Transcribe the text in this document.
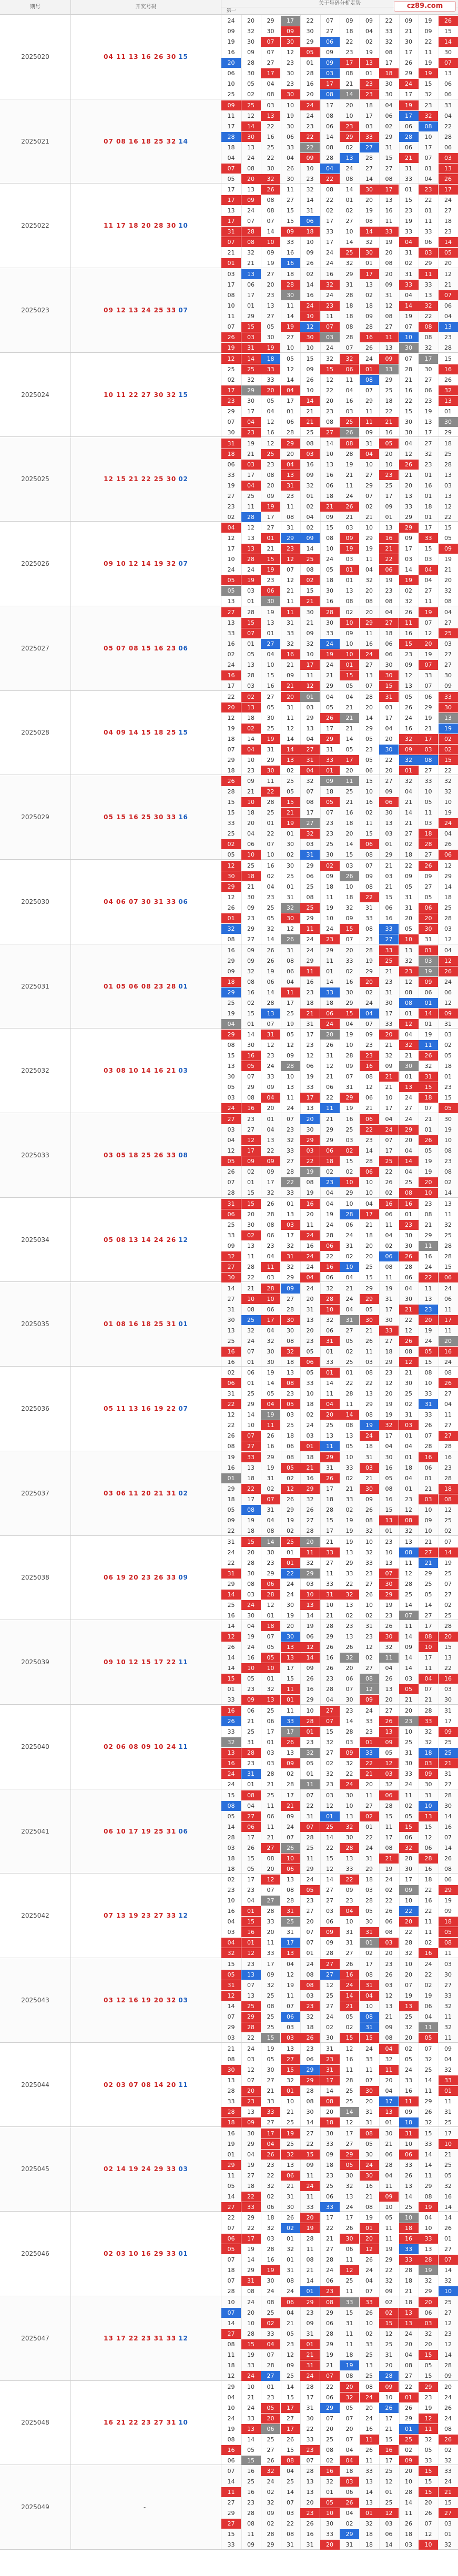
cz89.com
期号	开奖号码
关于号码分析走势
第一
2025020	04 11 13 16 26 30 15
24	20	29	17	22	07	09	09	22	09	19	26
09	32	30	09	30	27	18	04	33	21	09	15
19	30	07	30	29	06	22	02	32	30	22	14
16	09	07	12	05	09	23	19	08	17	11	30
20	28	27	23	01	09	17	13	17	26	19	07
06	30	17	30	28	03	08	01	18	29	19	13
10	05	04	23	16	17	21	23	30	24	15	06
25	02	08	30	20	08	14	23	30	17	32	06
2025021	07 08 16 18 25 32 14
09	25	03	10	24	17	20	18	04	19	23	33
11	12	13	19	24	08	10	17	06	17	32	04
17	14	22	30	23	06	23	03	02	06	08	22
28	30	16	06	22	14	29	33	29	28	10	28
18	13	25	33	22	08	02	27	31	06	17	06
04	24	22	04	09	28	13	28	15	21	07	03
07	08	30	26	10	04	24	27	27	31	01	13
05	20	32	30	23	22	08	14	08	33	04	26
2025022	11 17 18 20 28 30 10
17	13	26	11	32	08	14	30	17	01	23	17
17	09	08	27	14	22	01	20	13	15	22	24
13	24	08	15	31	02	02	19	16	23	01	27
17	07	07	15	06	17	27	08	11	19	11	18
31	28	14	09	18	33	10	14	33	33	33	23
07	08	10	33	10	17	14	32	19	04	06	14
21	32	09	16	09	24	25	30	20	31	03	05
01	21	19	16	26	24	32	01	08	02	29	20
2025023	09 12 13 24 25 33 07
03	13	27	18	02	16	29	17	20	31	11	12
17	06	20	28	14	32	31	13	09	33	33	21
08	17	23	30	16	24	28	02	31	04	13	07
10	01	13	11	24	23	18	18	12	14	32	06
11	29	27	14	10	11	18	09	08	19	22	04
07	15	05	19	12	07	08	28	27	07	08	13
26	03	30	27	30	03	28	16	11	10	08	23
19	31	19	10	10	24	07	26	13	30	32	28
2025024	10 11 22 27 30 32 15
12	14	18	05	15	32	32	24	09	07	17	15
25	25	33	12	09	15	06	01	13	28	30	16
02	32	33	14	26	12	11	08	29	21	27	26
17	29	20	04	10	22	04	07	25	16	06	32
23	30	05	17	14	20	16	29	18	22	23	13
29	17	04	01	21	23	03	11	22	15	19	01
07	04	12	06	21	08	25	11	21	30	13	30
30	23	16	28	25	27	26	09	16	30	17	29
2025025	12 15 21 22 25 30 02
31	19	12	29	08	14	08	31	05	04	27	18
18	21	25	20	03	10	28	04	20	12	32	25
06	03	23	04	16	13	19	10	10	26	23	28
33	17	08	13	09	16	21	27	23	21	01	13
19	04	20	31	32	06	11	29	25	20	16	03
27	25	09	23	01	18	24	07	17	13	01	13
23	11	19	11	02	21	26	02	09	33	18	12
02	28	17	08	04	09	21	21	01	29	01	22
2025026	09 10 12 14 19 32 07
04	12	27	31	02	15	03	10	13	29	17	15
12	13	01	29	09	08	09	29	16	09	33	05
17	13	21	23	14	10	19	19	21	17	15	09
10	28	15	12	25	24	03	11	22	03	03	19
24	24	19	07	08	05	01	04	06	14	04	21
05	19	23	12	02	18	01	32	19	19	04	20
05	03	06	21	15	30	13	20	23	02	27	32
13	01	30	11	21	16	08	08	08	32	11	08
2025027	05 07 08 15 16 23 06
27	28	19	11	30	28	02	20	04	26	19	04
13	15	13	31	21	30	10	29	27	11	07	27
33	07	01	33	09	33	09	11	18	16	12	25
16	01	27	32	32	24	10	16	06	15	20	03
02	05	04	16	10	19	10	24	06	23	19	27
24	13	10	21	17	24	01	27	30	09	07	27
16	28	15	09	11	21	15	13	30	12	33	30
17	03	16	21	12	29	05	07	15	13	07	09
2025028	04 09 14 15 18 25 15
22	02	27	20	01	04	04	28	31	05	06	33
20	13	05	31	03	05	21	20	03	26	29	30
12	18	30	11	29	26	21	14	17	24	19	13
19	02	25	12	13	17	21	29	04	16	21	19
18	14	19	14	04	29	14	05	20	32	17	02
07	04	31	14	27	31	05	23	30	09	03	02
29	10	29	13	31	33	17	05	22	32	08	15
18	23	30	02	04	01	20	06	20	01	27	22
2025029	05 15 16 25 30 33 16
26	09	11	25	32	09	11	15	27	32	33	32
28	21	22	05	07	18	25	10	09	04	10	32
15	10	28	15	08	05	21	16	06	21	05	10
15	18	25	21	17	07	16	02	30	14	11	19
33	20	01	19	27	23	18	11	13	21	03	24
25	04	22	01	32	23	20	15	03	27	18	04
02	06	07	30	03	25	14	06	01	02	28	26
05	10	10	02	31	30	15	08	29	18	27	06
2025030	04 06 07 30 31 33 06
12	25	16	30	29	02	03	07	21	22	26	12
30	18	02	25	06	09	26	09	03	09	09	29
29	21	04	01	25	18	10	08	21	05	27	14
12	30	23	31	08	11	18	22	15	31	05	18
26	09	25	32	25	19	32	31	06	31	06	25
01	23	05	30	29	10	09	33	16	20	20	28
32	29	32	12	11	24	15	08	33	05	30	03
08	27	14	26	24	23	07	23	27	10	31	12
2025031	01 05 06 08 23 28 01
16	09	26	31	24	29	20	28	33	13	01	04
29	09	26	08	29	11	33	19	25	32	03	12
09	32	19	06	11	01	02	29	21	23	19	26
18	08	06	04	16	14	16	20	23	12	09	24
29	16	14	11	23	33	30	02	31	08	06	06
25	02	28	17	18	18	29	24	30	08	01	12
19	15	13	25	21	06	15	04	17	01	14	09
04	01	07	19	31	24	04	07	33	12	01	31
2025032	03 08 10 14 16 21 03
29	14	31	05	17	20	19	09	20	04	19	03
08	30	12	12	23	26	10	23	21	32	11	02
15	16	23	09	12	31	28	23	32	21	26	05
13	05	24	28	06	12	09	16	09	30	32	18
30	07	33	10	19	21	07	08	21	01	31	01
05	29	09	13	33	06	31	12	21	13	15	23
03	08	04	11	17	22	29	06	10	24	18	15
24	16	20	24	13	11	19	21	17	27	07	05
2025033	03 05 18 25 26 33 08
27	23	01	07	20	21	16	06	04	24	21	30
03	27	04	23	30	29	25	22	24	29	01	19
04	12	13	32	29	29	03	23	07	20	26	10
12	17	22	33	03	06	02	14	17	04	05	08
05	09	09	27	22	18	15	28	25	14	19	23
26	02	09	28	19	02	02	06	22	04	19	08
07	01	17	22	08	23	10	10	26	25	20	02
28	15	32	33	19	04	29	10	02	08	10	14
2025034	05 08 13 14 24 26 12
31	15	26	01	16	04	10	04	16	16	23	13
06	20	28	13	20	19	28	17	06	01	08	11
25	30	08	03	11	24	06	21	11	23	21	32
33	02	06	17	24	28	24	18	04	30	29	25
09	13	23	32	16	06	31	20	02	30	11	28
32	11	04	31	24	22	02	20	06	26	16	28
27	28	11	32	24	16	10	25	08	28	24	15
30	22	03	29	04	06	04	15	11	06	22	06
2025035	01 08 16 18 25 31 01
14	21	28	09	24	32	21	29	19	04	11	24
27	10	10	27	20	28	24	29	31	30	13	06
31	08	06	28	31	10	04	05	17	21	23	11
30	25	17	30	13	32	31	30	30	22	20	17
13	32	04	30	20	06	27	21	33	12	19	11
25	24	32	08	23	31	05	26	27	26	24	20
16	07	30	32	05	01	02	11	18	08	05	16
16	01	30	18	06	33	25	03	29	12	15	24
2025036	05 11 13 16 19 22 07
02	06	19	13	05	01	01	08	23	21	08	08
06	01	14	08	33	14	22	22	12	30	10	26
31	25	05	23	10	11	28	13	20	25	33	27
22	29	04	05	18	04	11	29	19	02	31	04
12	14	19	03	02	20	14	08	19	31	33	11
22	10	11	25	24	25	08	19	32	03	26	27
26	07	26	18	03	13	13	24	17	01	07	27
08	27	16	06	01	11	05	18	04	04	28	28
2025037	03 06 11 20 21 31 02
19	33	29	08	18	29	10	31	30	01	16	16
16	13	19	05	21	31	33	03	16	18	06	23
01	18	31	02	16	26	02	21	05	04	01	28
29	22	02	12	29	17	21	30	08	01	21	18
18	17	07	26	32	18	33	09	16	23	03	08
05	08	31	29	26	28	02	26	15	12	10	12
09	19	04	19	27	15	19	08	13	08	09	25
22	18	08	02	28	17	19	32	01	32	10	02
2025038	06 19 20 23 26 33 09
31	15	14	25	20	21	19	10	23	13	21	07
24	20	30	01	11	33	13	32	10	08	27	14
22	28	23	01	32	27	29	33	13	11	21	19
31	30	29	22	29	11	33	23	07	12	29	25
29	08	06	24	03	33	22	27	30	28	25	07
14	03	28	24	10	31	32	26	29	25	05	27
25	24	12	30	13	10	13	10	19	14	14	02
16	30	01	19	14	21	02	02	23	07	27	25
2025039	09 10 12 15 17 22 11
14	04	18	20	19	28	23	31	26	11	17	28
12	19	07	30	06	29	13	23	30	14	08	20
26	24	05	13	12	26	26	12	32	09	10	15
14	16	05	13	14	16	32	02	11	14	17	13
14	10	10	17	09	26	20	27	04	14	11	22
15	05	01	15	26	23	06	08	26	03	04	16
01	23	32	11	16	28	07	12	13	05	07	03
33	09	13	01	29	04	30	09	20	21	21	30
2025040	02 06 08 09 10 24 11
16	06	25	11	10	27	23	24	27	20	28	31
26	21	06	33	28	07	14	33	26	23	33	17
33	25	17	17	01	15	28	23	13	10	32	09
32	31	01	26	23	32	03	01	09	25	32	25
13	28	03	13	32	27	09	33	05	31	18	25
16	23	03	09	05	02	32	22	12	30	03	21
24	31	28	02	01	32	22	21	03	33	09	31
24	01	21	28	11	23	24	20	32	24	30	27
2025041	06 10 17 19 25 31 06
15	08	25	17	07	03	30	11	06	11	31	28
08	04	11	21	22	12	10	27	28	02	10	30
05	27	06	09	31	01	13	02	15	05	13	14
14	06	11	24	07	25	32	01	11	15	15	16
28	17	21	07	28	14	30	22	17	06	12	07
03	26	27	26	25	22	28	24	08	32	06	14
18	15	08	10	11	15	13	31	21	28	28	26
18	05	20	06	29	12	33	29	19	30	16	08
2025042	07 13 19 23 27 33 12
02	17	12	13	24	14	22	18	24	17	18	06
23	23	07	08	05	27	09	03	02	09	22	29
10	04	27	28	23	27	23	28	22	10	16	19
16	01	28	31	27	03	04	05	26	22	22	09
04	15	33	25	20	06	10	30	06	20	11	18
03	16	20	31	07	09	31	31	08	22	11	05
04	01	11	17	07	09	31	01	03	28	02	08
32	12	33	13	01	28	27	02	20	32	16	11
2025043	03 12 16 19 20 32 03
15	23	17	04	24	27	26	17	23	10	24	03
05	13	09	12	08	27	16	08	26	20	22	30
31	07	32	19	08	12	24	31	03	07	02	27
12	13	25	11	03	25	14	04	12	19	19	33
14	25	08	07	23	27	21	10	13	13	06	32
07	29	25	06	32	24	05	08	21	25	04	11
29	28	25	03	18	02	02	31	09	32	11	32
03	22	15	03	26	30	15	15	08	20	05	11
2025044	02 03 07 08 14 20 11
21	24	19	13	23	31	12	24	04	02	07	09
08	03	05	27	06	23	16	33	32	05	32	04
30	12	30	15	29	31	11	11	11	24	25	32
13	07	27	32	29	17	28	07	20	33	14	33
28	20	21	01	28	14	25	30	04	16	11	01
33	23	33	10	08	08	25	20	17	11	29	11
28	13	33	21	30	20	14	31	13	09	26	31
18	09	27	25	14	18	12	31	01	18	32	25
2025045	02 14 19 24 29 33 03
16	30	17	19	27	30	17	08	30	31	15	17
19	29	04	25	22	33	27	05	21	10	33	10
01	04	26	32	15	09	29	30	06	06	14	21
29	19	23	13	09	18	05	24	28	33	14	25
11	27	22	06	11	23	30	30	04	26	11	05
05	18	32	21	24	25	32	16	11	13	29	32
14	22	02	31	11	06	13	21	09	14	08	16
27	33	06	30	33	33	24	08	10	25	19	14
2025046	02 03 10 16 29 33 01
22	29	18	26	20	17	17	19	05	10	04	14
07	22	32	02	19	22	26	01	11	18	10	26
06	17	03	01	28	21	30	20	11	16	33	01
05	19	28	32	11	27	06	12	19	33	13	27
07	14	16	01	08	28	11	26	29	33	28	07
18	29	19	31	21	24	12	24	22	28	19	14
07	31	30	08	14	06	25	04	32	18	32	32
28	08	24	24	01	23	11	07	09	21	29	10
2025047	13 17 22 23 31 33 12
10	24	08	06	29	08	33	33	02	18	20	25
07	20	25	04	23	29	15	26	02	13	06	27
14	10	02	21	09	06	31	10	15	13	03	12
27	28	33	05	31	28	11	02	12	24	32	23
08	15	04	23	01	29	11	33	25	20	20	12
11	19	07	12	21	19	18	25	31	04	15	14
18	33	28	09	31	21	19	13	20	08	05	28
12	24	27	25	24	07	08	25	28	27	15	09
2025048	16 21 22 23 27 31 10
29	10	01	14	28	22	20	08	09	22	29	20
04	21	23	15	17	06	32	24	10	01	23	24
10	24	05	17	31	29	05	20	26	26	19	26
24	33	20	27	30	07	07	24	17	29	12	24
19	13	06	17	22	20	20	16	21	01	11	08
08	14	25	26	33	25	07	11	15	25	32	26
16	05	27	15	23	08	04	26	16	02	05	02
06	15	26	08	07	02	04	11	17	09	33	32
2025049	-
07	16	32	04	28	16	18	33	25	20	15	33
14	25	24	25	13	32	03	13	12	10	15	24
11	16	02	14	13	01	06	14	01	28	15	21
27	23	32	07	20	05	26	13	25	14	20	15
29	28	09	03	23	10	04	01	12	11	26	27
27	08	02	22	26	30	02	32	03	26	07	03
15	11	28	08	16	33	29	18	06	18	12	01
33	09	29	31	31	20	31	18	14	03	10	32
